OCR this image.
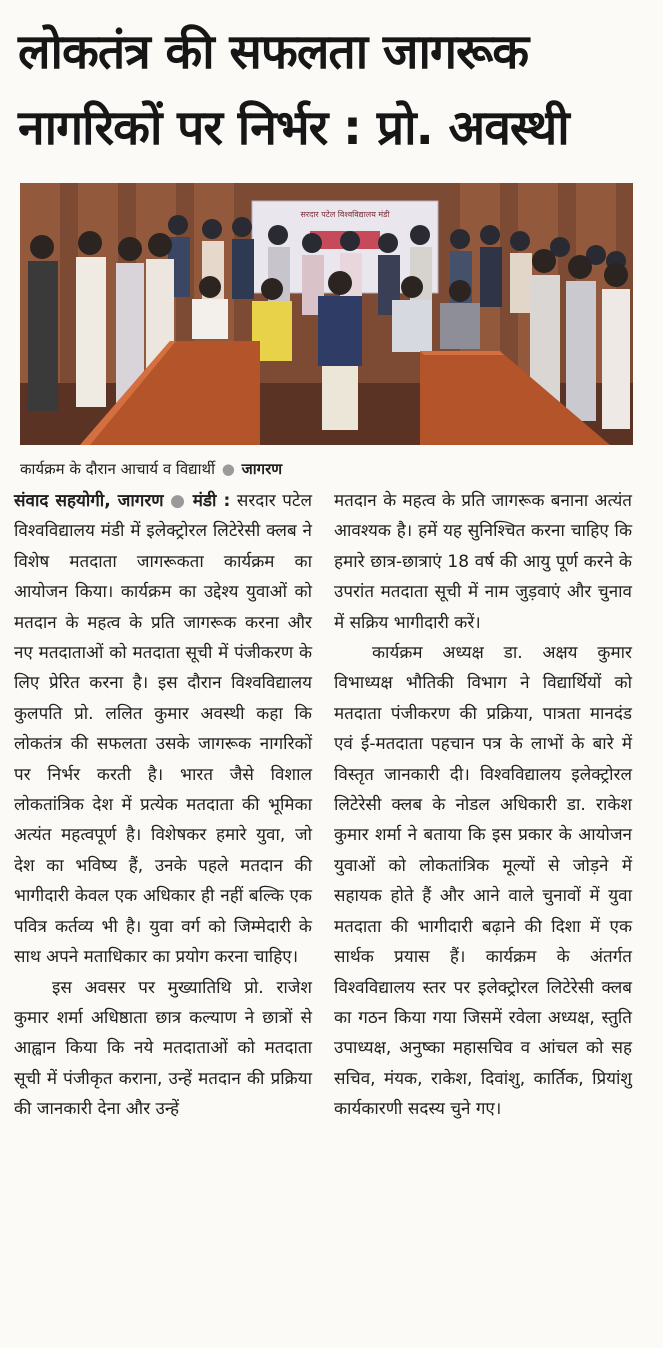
लोकतंत्र की सफलता जागरूक
नागरिकों पर निर्भर : प्रो. अवस्थी
सरदार पटेल विश्वविद्यालय मंडी
कार्यक्रम के दौरान आचार्य व विद्यार्थी ● जागरण

संवाद सहयोगी, जागरण ● मंडी : सरदार पटेल विश्वविद्यालय मंडी में इलेक्ट्रोरल लिटेरेसी क्लब ने विशेष मतदाता जागरूकता कार्यक्रम का आयोजन किया। कार्यक्रम का उद्देश्य युवाओं को मतदान के महत्व के प्रति जागरूक करना और नए मतदाताओं को मतदाता सूची में पंजीकरण के लिए प्रेरित करना है। इस दौरान विश्वविद्यालय कुलपति प्रो. ललित कुमार अवस्थी कहा कि लोकतंत्र की सफलता उसके जागरूक नागरिकों पर निर्भर करती है। भारत जैसे विशाल लोकतांत्रिक देश में प्रत्येक मतदाता की भूमिका अत्यंत महत्वपूर्ण है। विशेषकर हमारे युवा, जो देश का भविष्य हैं, उनके पहले मतदान की भागीदारी केवल एक अधिकार ही नहीं बल्कि एक पवित्र कर्तव्य भी है। युवा वर्ग को जिम्मेदारी के साथ अपने मताधिकार का प्रयोग करना चाहिए।

इस अवसर पर मुख्यातिथि प्रो. राजेश कुमार शर्मा अधिष्ठाता छात्र कल्याण ने छात्रों से आह्वान किया कि नये मतदाताओं को मतदाता सूची में पंजीकृत कराना, उन्हें मतदान की प्रक्रिया की जानकारी देना और उन्हें

मतदान के महत्व के प्रति जागरूक बनाना अत्यंत आवश्यक है। हमें यह सुनिश्चित करना चाहिए कि हमारे छात्र-छात्राएं 18 वर्ष की आयु पूर्ण करने के उपरांत मतदाता सूची में नाम जुड़वाएं और चुनाव में सक्रिय भागीदारी करें।

कार्यक्रम अध्यक्ष डा. अक्षय कुमार विभाध्यक्ष भौतिकी विभाग ने विद्यार्थियों को मतदाता पंजीकरण की प्रक्रिया, पात्रता मानदंड एवं ई-मतदाता पहचान पत्र के लाभों के बारे में विस्तृत जानकारी दी। विश्वविद्यालय इलेक्ट्रोरल लिटेरेसी क्लब के नोडल अधिकारी डा. राकेश कुमार शर्मा ने बताया कि इस प्रकार के आयोजन युवाओं को लोकतांत्रिक मूल्यों से जोड़ने में सहायक होते हैं और आने वाले चुनावों में युवा मतदाता की भागीदारी बढ़ाने की दिशा में एक सार्थक प्रयास हैं। कार्यक्रम के अंतर्गत विश्वविद्यालय स्तर पर इलेक्ट्रोरल लिटेरेसी क्लब का गठन किया गया जिसमें रवेला अध्यक्ष, स्तुति उपाध्यक्ष, अनुष्का महासचिव व आंचल को सह सचिव, मंयक, राकेश, दिवांशु, कार्तिक, प्रियांशु कार्यकारणी सदस्य चुने गए।
